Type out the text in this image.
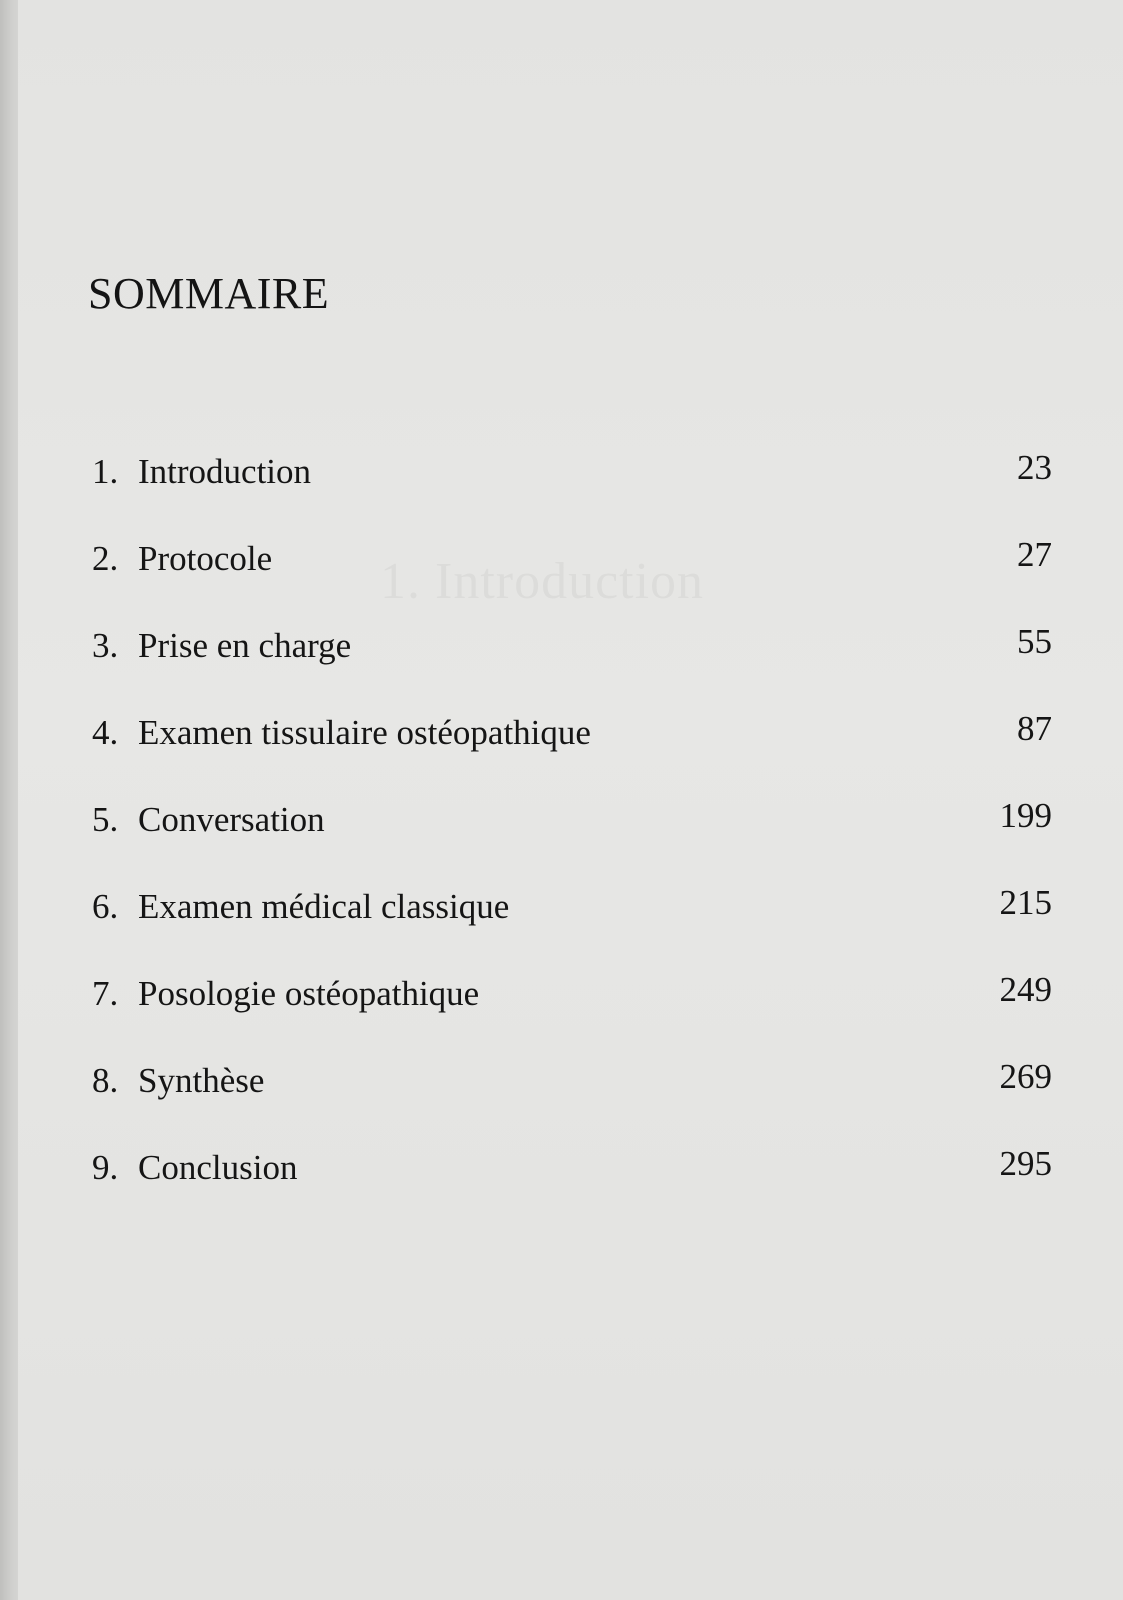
SOMMAIRE
1. Introduction	23
2. Protocole	27
3. Prise en charge	55
4. Examen tissulaire ostéopathique	87
5. Conversation	199
6. Examen médical classique	215
7. Posologie ostéopathique	249
8. Synthèse	269
9. Conclusion	295
